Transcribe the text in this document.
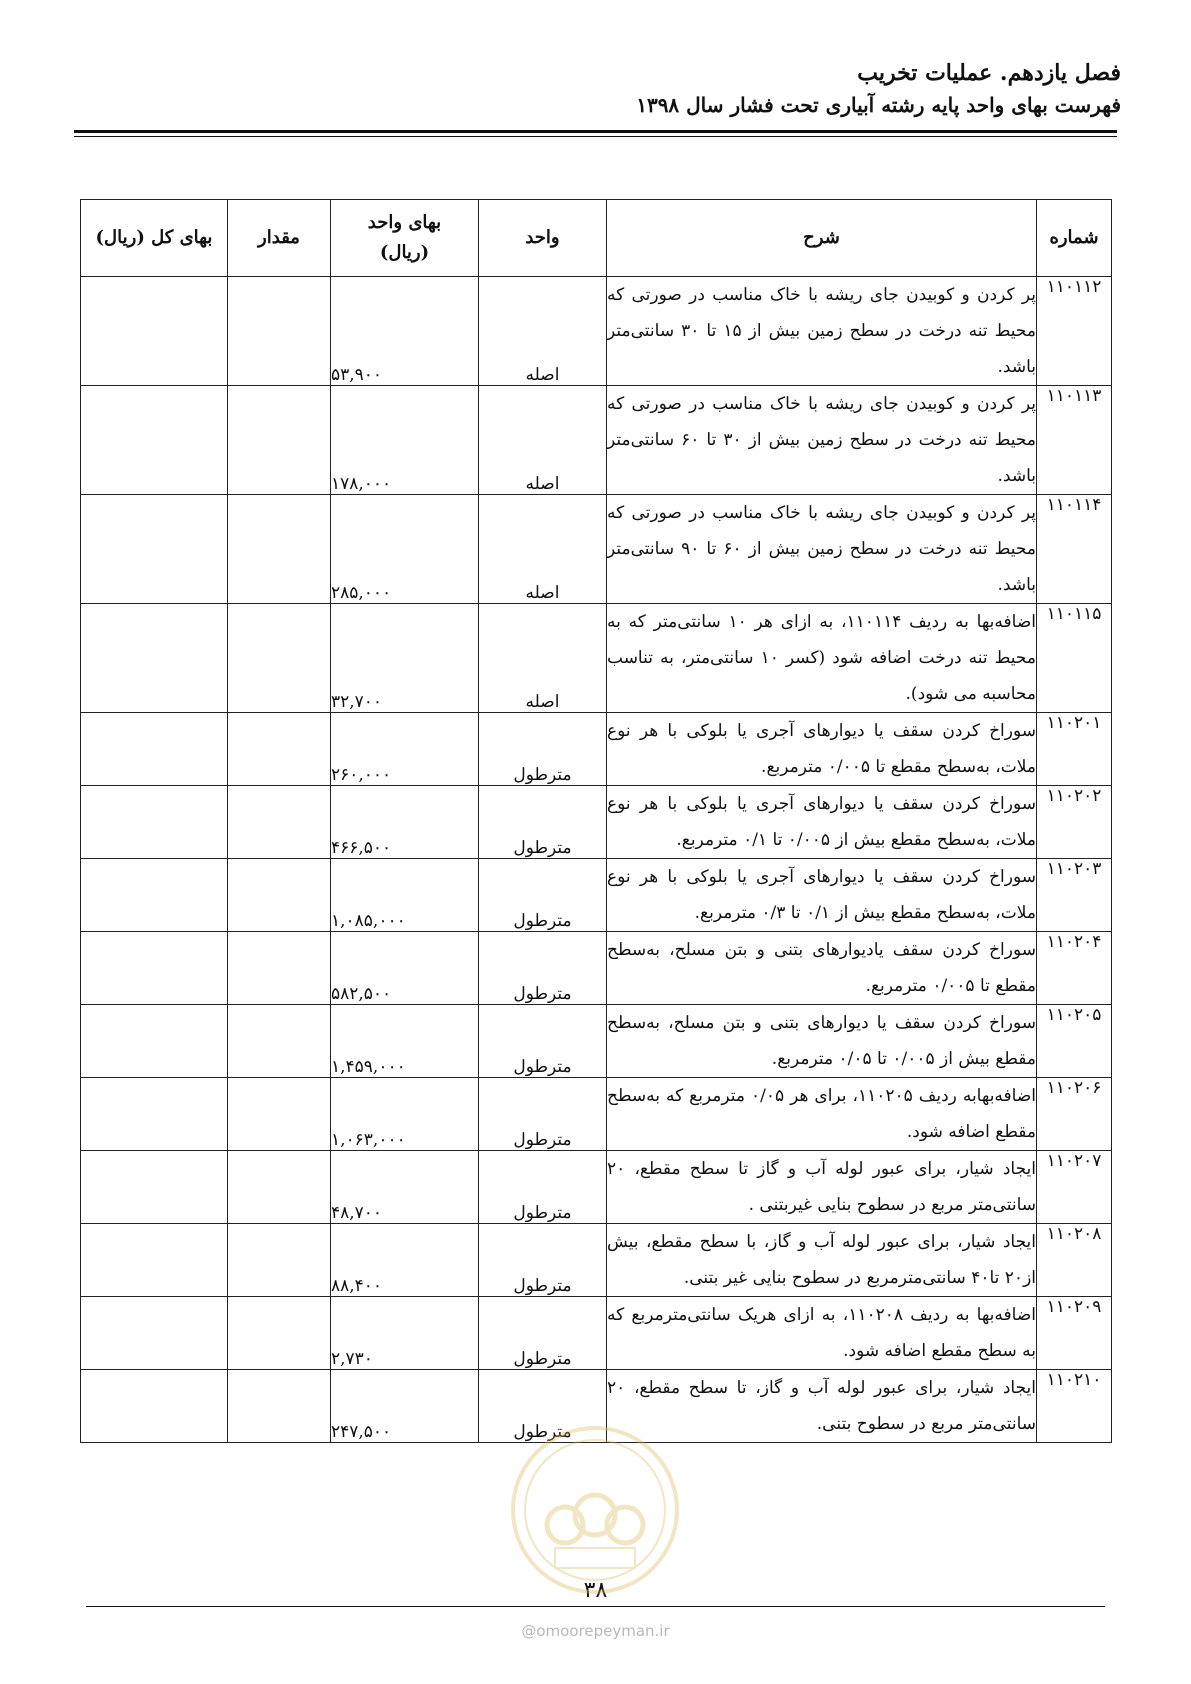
فصل یازدهم. عملیات تخریب
فهرست بهای واحد پایه رشته آبیاری تحت فشار سال ۱۳۹۸
شماره	شرح	واحد	بهای واحد
(ریال)	مقدار	بهای کل (ریال)
۱۱۰۱۱۲	پر کردن و کوبیدن جای ریشه با خاک مناسب در صورتی که محیط تنه درخت در سطح زمین بیش از ۱۵ تا ۳۰ سانتی‌متر باشد.	اصله	۵۳,۹۰۰		
۱۱۰۱۱۳	پر کردن و کوبیدن جای ریشه با خاک مناسب در صورتی که محیط تنه درخت در سطح زمین بیش از ۳۰ تا ۶۰ سانتی‌متر باشد.	اصله	۱۷۸,۰۰۰		
۱۱۰۱۱۴	پر کردن و کوبیدن جای ریشه با خاک مناسب در صورتی که محیط تنه درخت در سطح زمین بیش از ۶۰ تا ۹۰ سانتی‌متر باشد.	اصله	۲۸۵,۰۰۰		
۱۱۰۱۱۵	اضافه‌بها به ردیف ۱۱۰۱۱۴، به ازای هر ۱۰ سانتی‌متر که به محیط تنه درخت اضافه شود (کسر ۱۰ سانتی‌متر، به تناسب محاسبه می شود).	اصله	۳۲,۷۰۰		
۱۱۰۲۰۱	سوراخ کردن سقف یا دیوارهای آجری یا بلوکی با هر نوع ملات، به‌سطح مقطع تا ۰/۰۰۵ مترمربع.	مترطول	۲۶۰,۰۰۰		
۱۱۰۲۰۲	سوراخ کردن سقف یا دیوارهای آجری یا بلوکی با هر نوع ملات، به‌سطح مقطع بیش از ۰/۰۰۵ تا ۰/۱ مترمربع.	مترطول	۴۶۶,۵۰۰		
۱۱۰۲۰۳	سوراخ کردن سقف یا دیوارهای آجری یا بلوکی با هر نوع ملات، به‌سطح مقطع بیش از ۰/۱ تا ۰/۳ مترمربع.	مترطول	۱,۰۸۵,۰۰۰		
۱۱۰۲۰۴	سوراخ کردن سقف یادیوارهای بتنی و بتن مسلح، به‌سطح مقطع تا ۰/۰۰۵ مترمربع.	مترطول	۵۸۲,۵۰۰		
۱۱۰۲۰۵	سوراخ کردن سقف یا دیوارهای بتنی و بتن مسلح، به‌سطح مقطع بیش از ۰/۰۰۵ تا ۰/۰۵ مترمربع.	مترطول	۱,۴۵۹,۰۰۰		
۱۱۰۲۰۶	اضافه‌بهابه ردیف ۱۱۰۲۰۵، برای هر ۰/۰۵ مترمربع که به‌سطح مقطع اضافه شود.	مترطول	۱,۰۶۳,۰۰۰		
۱۱۰۲۰۷	ایجاد شیار، برای عبور لوله آب و گاز تا سطح مقطع، ۲۰ سانتی‌متر مربع در سطوح بنایی غیربتنی .	مترطول	۴۸,۷۰۰		
۱۱۰۲۰۸	ایجاد شیار، برای عبور لوله آب و گاز، با سطح مقطع، بیش از۲۰ تا۴۰ سانتی‌مترمربع در سطوح بنایی غیر بتنی.	مترطول	۸۸,۴۰۰		
۱۱۰۲۰۹	اضافه‌بها به ردیف ۱۱۰۲۰۸، به ازای هریک سانتی‌مترمربع که به سطح مقطع اضافه شود.	مترطول	۲,۷۳۰		
۱۱۰۲۱۰	ایجاد شیار، برای عبور لوله آب و گاز، تا سطح مقطع، ۲۰ سانتی‌متر مربع در سطوح بتنی.	مترطول	۲۴۷,۵۰۰		
۳۸
@omoorepeyman.ir
